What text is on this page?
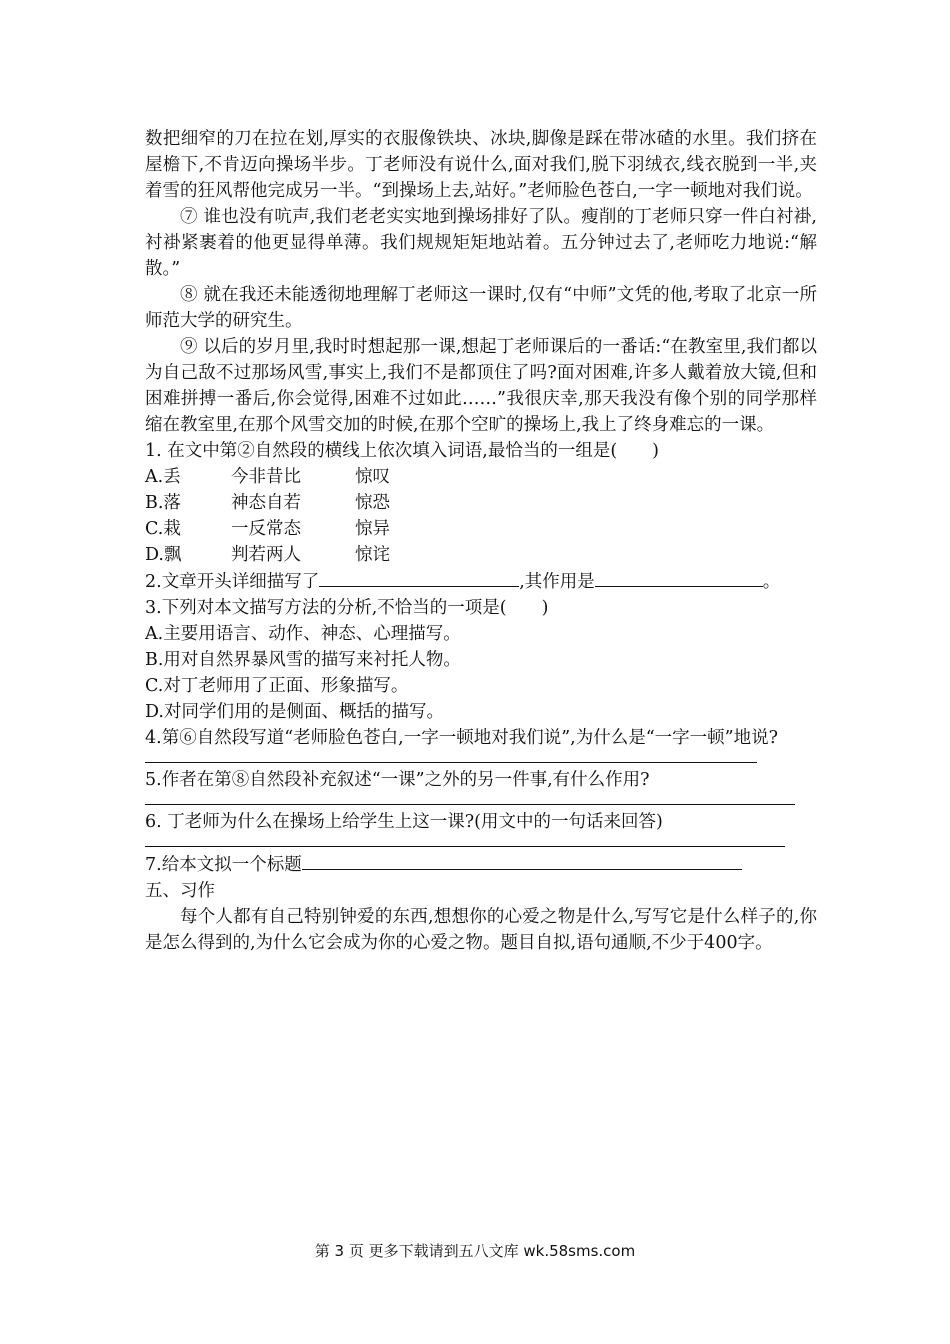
数把细窄的刀在拉在划,厚实的衣服像铁块、冰块,脚像是踩在带冰碴的水里。我们挤在屋檐下,不肯迈向操场半步。丁老师没有说什么,面对我们,脱下羽绒衣,线衣脱到一半,夹着雪的狂风帮他完成另一半。“到操场上去,站好。”老师脸色苍白,一字一顿地对我们说。

⑦ 谁也没有吭声,我们老老实实地到操场排好了队。瘦削的丁老师只穿一件白衬褂,衬褂紧裹着的他更显得单薄。我们规规矩矩地站着。五分钟过去了,老师吃力地说:“解散。”

⑧ 就在我还未能透彻地理解丁老师这一课时,仅有“中师”文凭的他,考取了北京一所师范大学的研究生。

⑨ 以后的岁月里,我时时想起那一课,想起丁老师课后的一番话:“在教室里,我们都以为自己敌不过那场风雪,事实上,我们不是都顶住了吗?面对困难,许多人戴着放大镜,但和困难拼搏一番后,你会觉得,困难不过如此……”我很庆幸,那天我没有像个别的同学那样缩在教室里,在那个风雪交加的时候,在那个空旷的操场上,我上了终身难忘的一课。

1. 在文中第②自然段的横线上依次填入词语,最恰当的一组是(　　)

A.丢	今非昔比	惊叹
B.落	神态自若	惊恐
C.栽	一反常态	惊异
D.飘	判若两人	惊诧

2.文章开头详细描写了	,其作用是	。

3.下列对本文描写方法的分析,不恰当的一项是(　　)

A.主要用语言、动作、神态、心理描写。

B.用对自然界暴风雪的描写来衬托人物。

C.对丁老师用了正面、形象描写。

D.对同学们用的是侧面、概括的描写。

4.第⑥自然段写道“老师脸色苍白,一字一顿地对我们说”,为什么是“一字一顿”地说?

5.作者在第⑧自然段补充叙述“一课”之外的另一件事,有什么作用?

6. 丁老师为什么在操场上给学生上这一课?(用文中的一句话来回答)

7.给本文拟一个标题

五、习作

每个人都有自己特别钟爱的东西,想想你的心爱之物是什么,写写它是什么样子的,你是怎么得到的,为什么它会成为你的心爱之物。题目自拟,语句通顺,不少于400字。

第 3 页 更多下载请到五八文库 wk.58sms.com
